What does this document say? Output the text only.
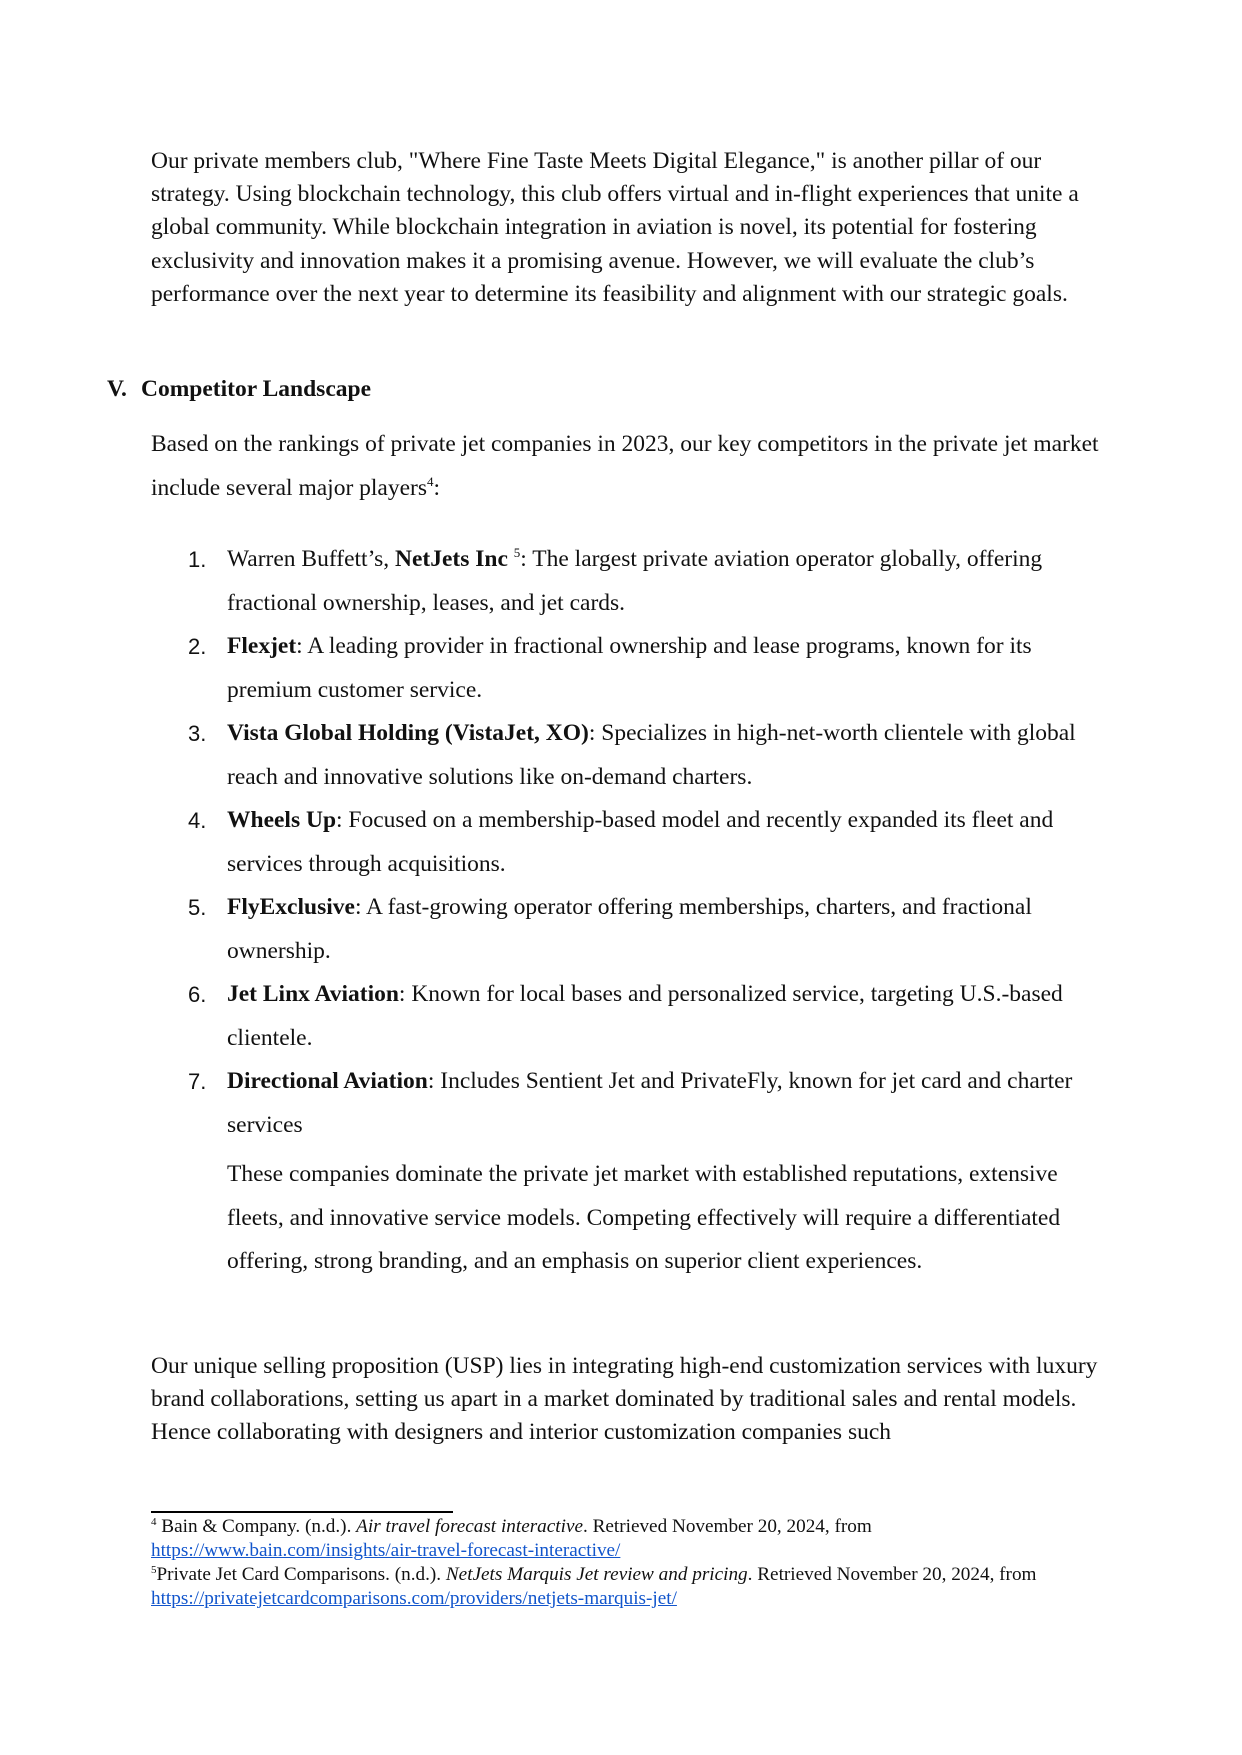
Our private members club, "Where Fine Taste Meets Digital Elegance," is another pillar of our strategy. Using blockchain technology, this club offers virtual and in-flight experiences that unite a global community. While blockchain integration in aviation is novel, its potential for fostering exclusivity and innovation makes it a promising avenue. However, we will evaluate the club’s performance over the next year to determine its feasibility and alignment with our strategic goals.

V. Competitor Landscape

Based on the rankings of private jet companies in 2023, our key competitors in the private jet market include several major players$^4$:

1. Warren Buffett’s, NetJets Inc $^5$: The largest private aviation operator globally, offering fractional ownership, leases, and jet cards.
2. Flexjet: A leading provider in fractional ownership and lease programs, known for its premium customer service.
3. Vista Global Holding (VistaJet, XO): Specializes in high-net-worth clientele with global reach and innovative solutions like on-demand charters.
4. Wheels Up: Focused on a membership-based model and recently expanded its fleet and services through acquisitions.
5. FlyExclusive: A fast-growing operator offering memberships, charters, and fractional ownership.
6. Jet Linx Aviation: Known for local bases and personalized service, targeting U.S.-based clientele.
7. Directional Aviation: Includes Sentient Jet and PrivateFly, known for jet card and charter services

These companies dominate the private jet market with established reputations, extensive fleets, and innovative service models. Competing effectively will require a differentiated offering, strong branding, and an emphasis on superior client experiences.

Our unique selling proposition (USP) lies in integrating high-end customization services with luxury brand collaborations, setting us apart in a market dominated by traditional sales and rental models. Hence collaborating with designers and interior customization companies such

$^4$ Bain & Company. (n.d.). Air travel forecast interactive. Retrieved November 20, 2024, from https://www.bain.com/insights/air-travel-forecast-interactive/
$^5$Private Jet Card Comparisons. (n.d.). NetJets Marquis Jet review and pricing. Retrieved November 20, 2024, from https://privatejetcardcomparisons.com/providers/netjets-marquis-jet/
